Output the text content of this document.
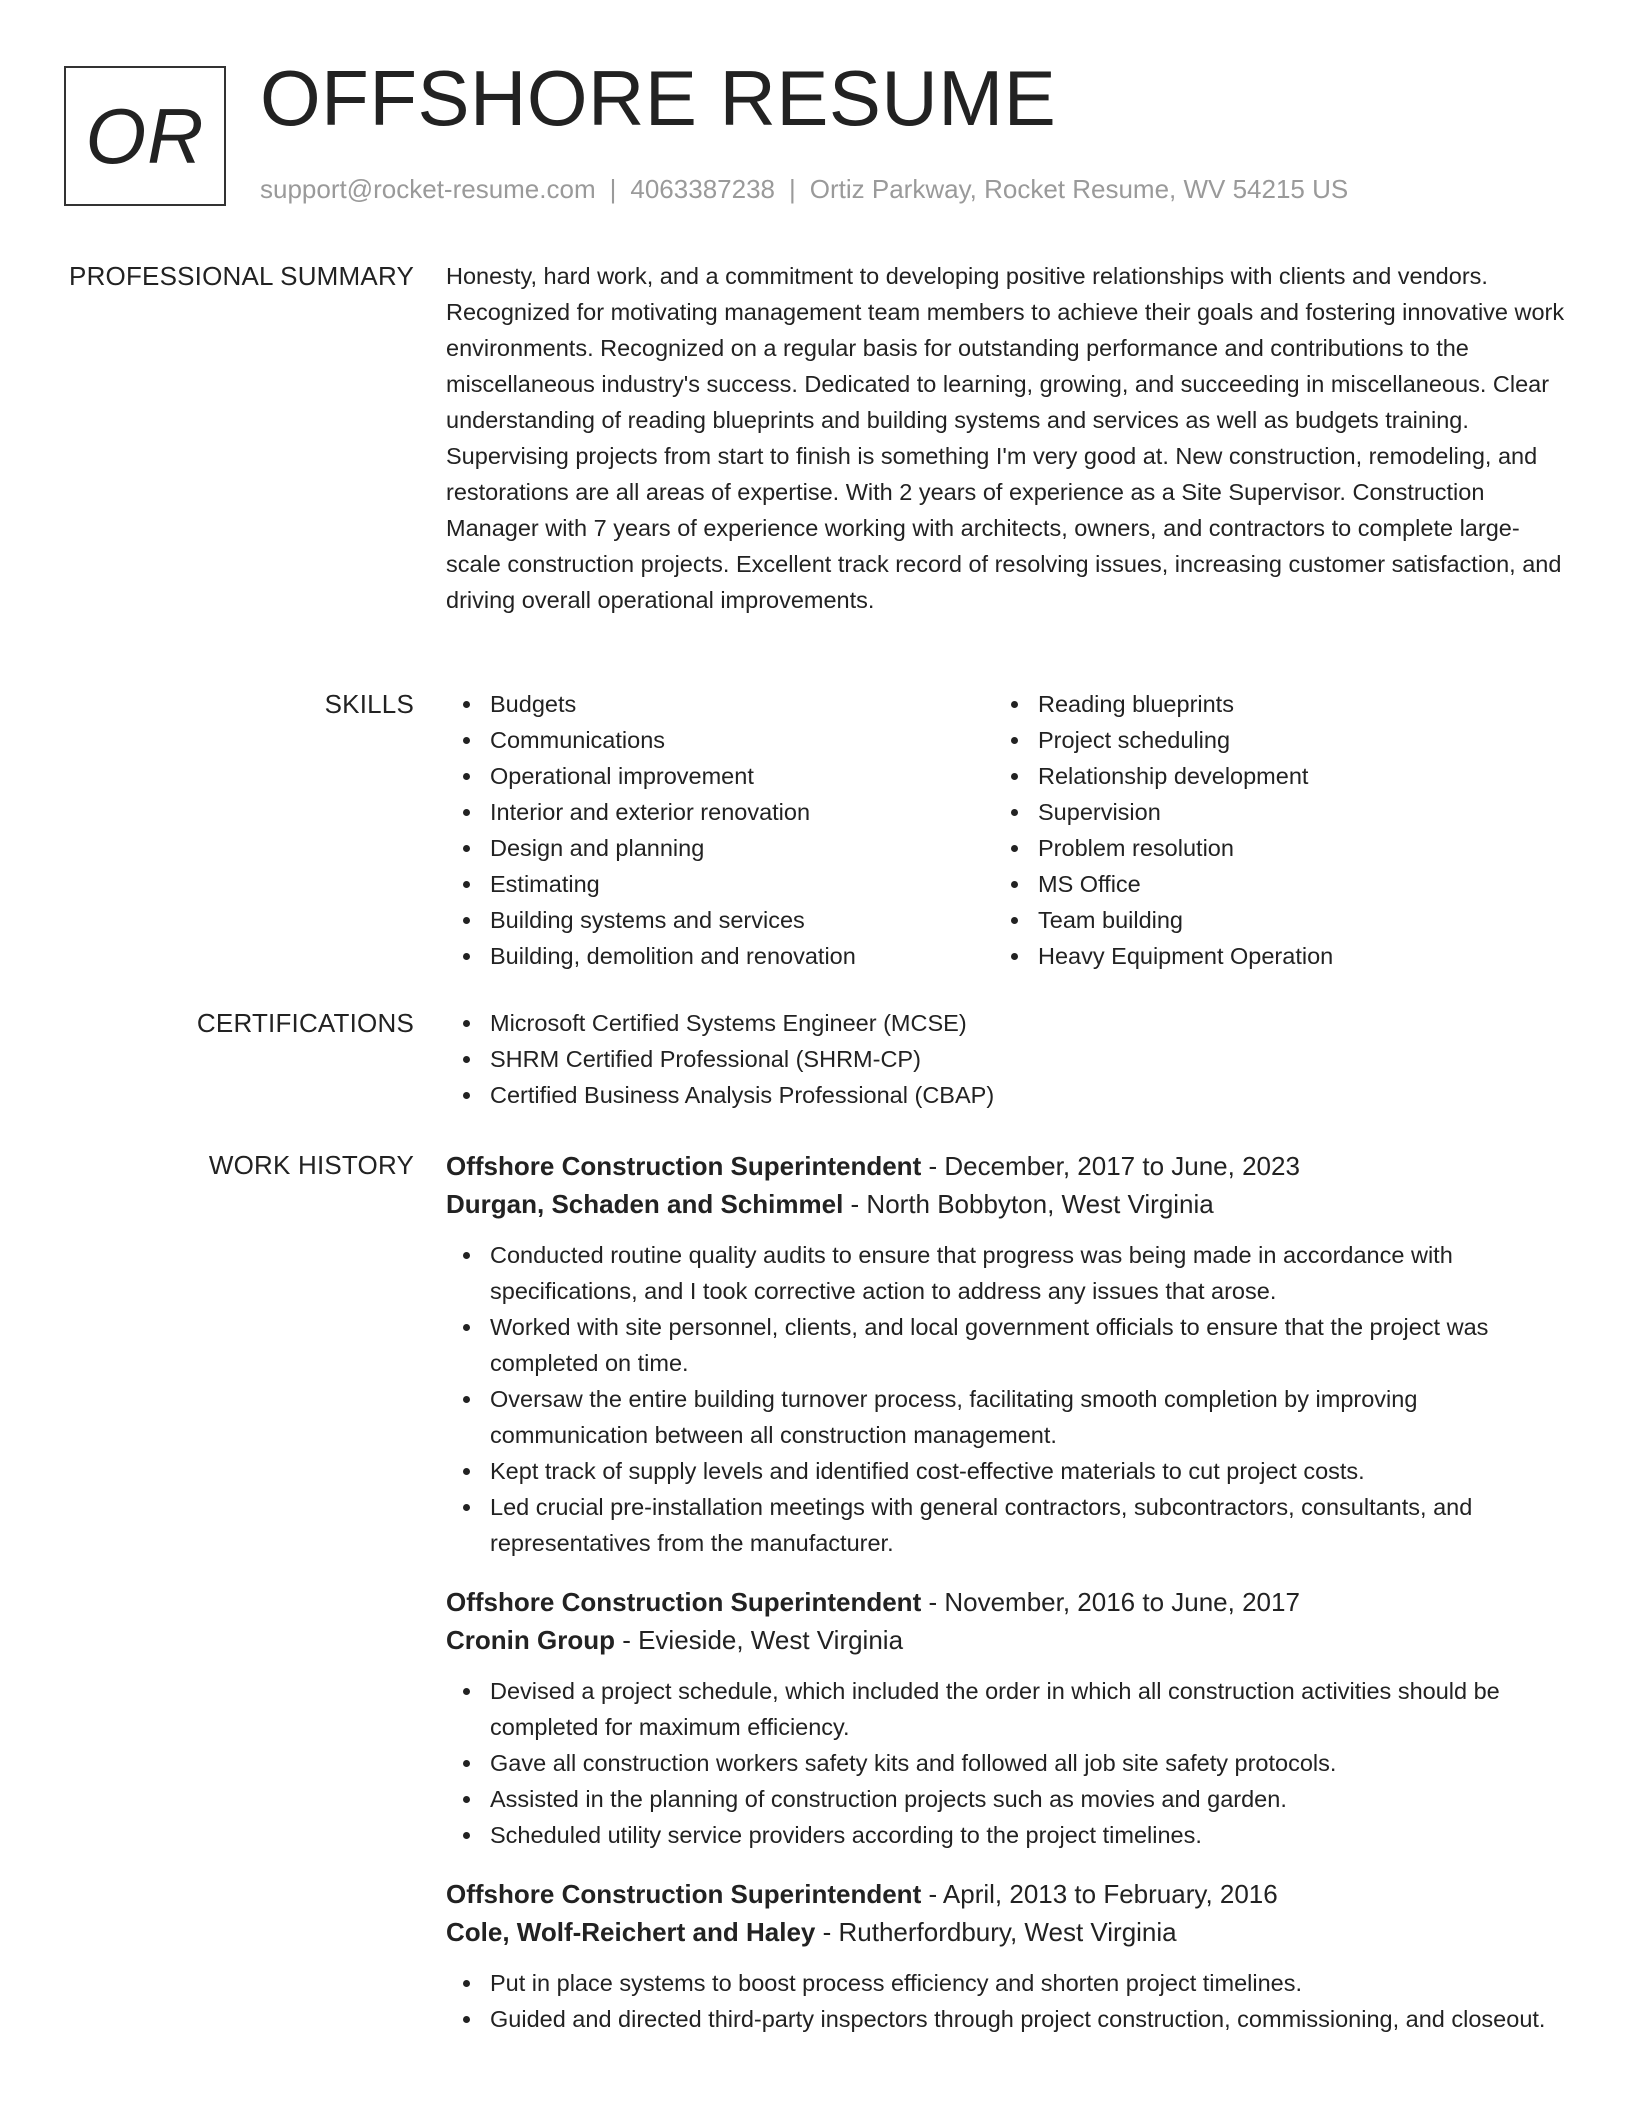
OR OFFSHORE RESUME
support@rocket-resume.com | 4063387238 | Ortiz Parkway, Rocket Resume, WV 54215 US
PROFESSIONAL SUMMARY Honesty, hard work, and a commitment to developing positive relationships with clients and vendors. Recognized for motivating management team members to achieve their goals and fostering innovative work environments. Recognized on a regular basis for outstanding performance and contributions to the miscellaneous industry's success. Dedicated to learning, growing, and succeeding in miscellaneous. Clear understanding of reading blueprints and building systems and services as well as budgets training. Supervising projects from start to finish is something I'm very good at. New construction, remodeling, and restorations are all areas of expertise. With 2 years of experience as a Site Supervisor. Construction Manager with 7 years of experience working with architects, owners, and contractors to complete large-scale construction projects. Excellent track record of resolving issues, increasing customer satisfaction, and driving overall operational improvements.

SKILLS	Budgets
Communications
Operational improvement
Interior and exterior renovation
Design and planning
Estimating
Building systems and services
Building, demolition and renovation
Reading blueprints
Project scheduling
Relationship development
Supervision
Problem resolution
MS Office
Team building
Heavy Equipment Operation
CERTIFICATIONS	Microsoft Certified Systems Engineer (MCSE)
SHRM Certified Professional (SHRM-CP)
Certified Business Analysis Professional (CBAP)
WORK HISTORY Offshore Construction Superintendent - December, 2017 to June, 2023
Durgan, Schaden and Schimmel - North Bobbyton, West Virginia
Conducted routine quality audits to ensure that progress was being made in accordance with specifications, and I took corrective action to address any issues that arose.
Worked with site personnel, clients, and local government officials to ensure that the project was completed on time.
Oversaw the entire building turnover process, facilitating smooth completion by improving communication between all construction management.
Kept track of supply levels and identified cost-effective materials to cut project costs.
Led crucial pre-installation meetings with general contractors, subcontractors, consultants, and representatives from the manufacturer.
Offshore Construction Superintendent - November, 2016 to June, 2017
Cronin Group - Evieside, West Virginia
Devised a project schedule, which included the order in which all construction activities should be completed for maximum efficiency.
Gave all construction workers safety kits and followed all job site safety protocols.
Assisted in the planning of construction projects such as movies and garden.
Scheduled utility service providers according to the project timelines.
Offshore Construction Superintendent - April, 2013 to February, 2016
Cole, Wolf-Reichert and Haley - Rutherfordbury, West Virginia
Put in place systems to boost process efficiency and shorten project timelines.
Guided and directed third-party inspectors through project construction, commissioning, and closeout.
